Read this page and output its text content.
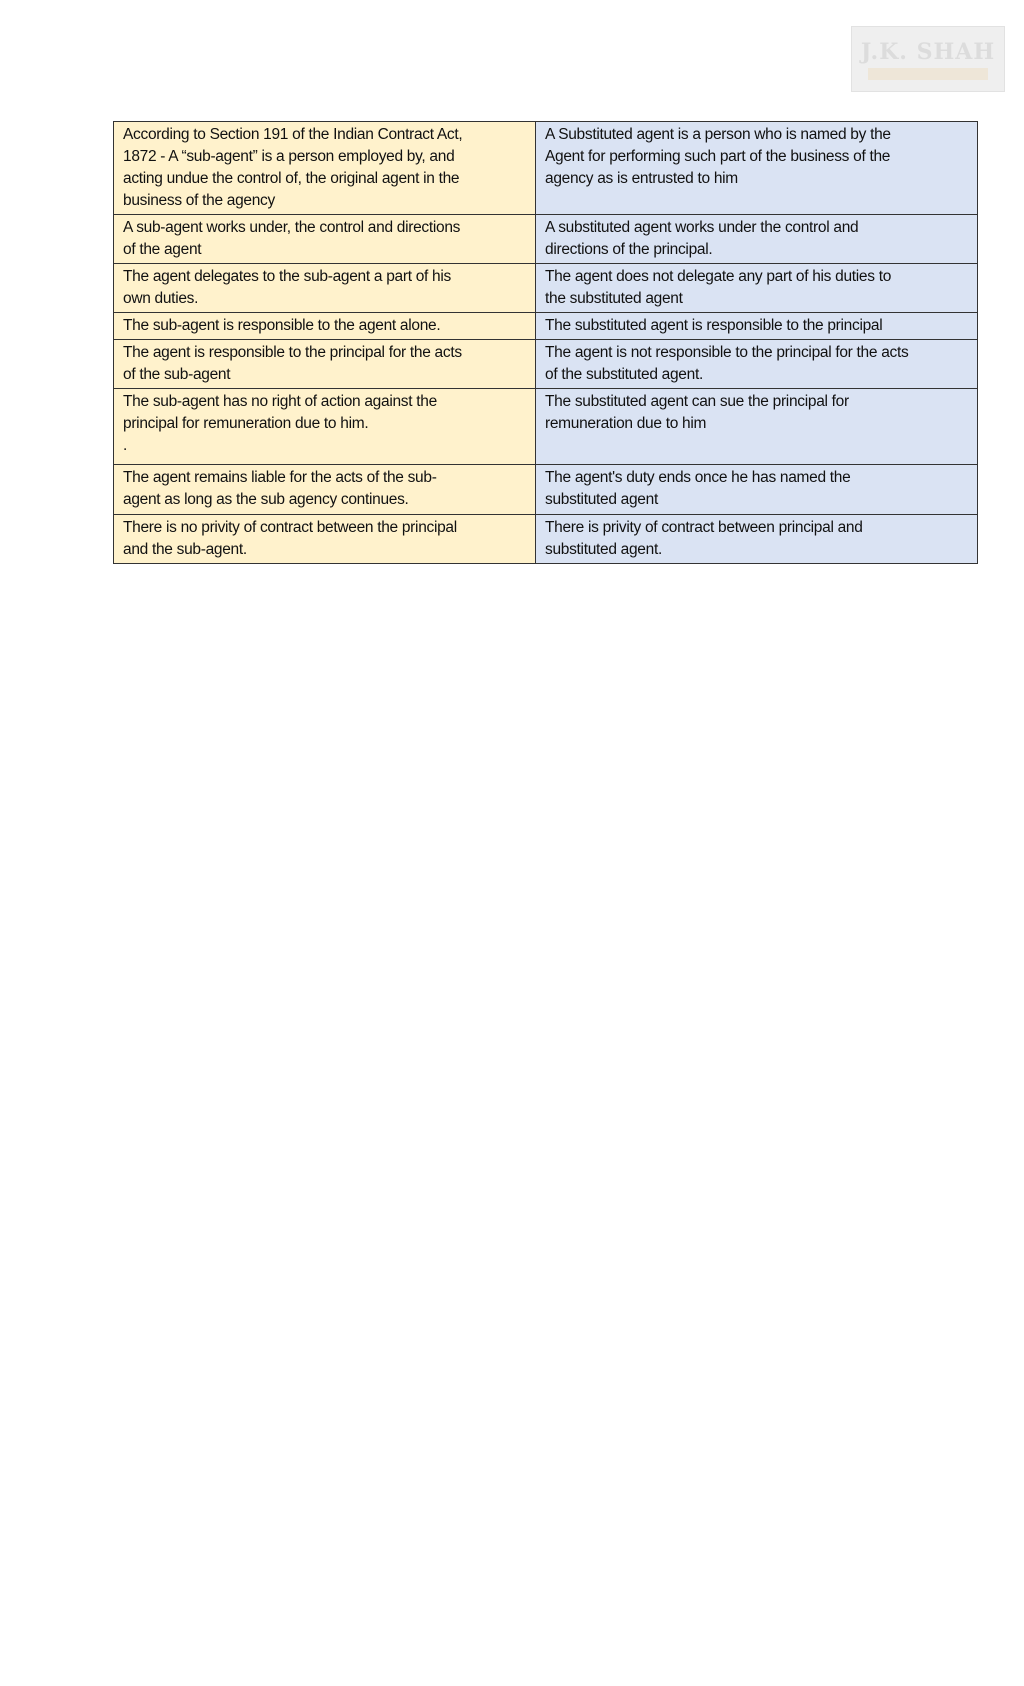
J.K. SHAH
According to Section 191 of the Indian Contract Act,
1872 - A “sub-agent” is a person employed by, and
acting undue the control of, the original agent in the
business of the agency	A Substituted agent is a person who is named by the
Agent for performing such part of the business of the
agency as is entrusted to him

A sub-agent works under, the control and directions
of the agent	A substituted agent works under the control and
directions of the principal.

The agent delegates to the sub-agent a part of his
own duties.	The agent does not delegate any part of his duties to
the substituted agent

The sub-agent is responsible to the agent alone.	The substituted agent is responsible to the principal

The agent is responsible to the principal for the acts
of the sub-agent	The agent is not responsible to the principal for the acts
of the substituted agent.

The sub-agent has no right of action against the
principal for remuneration due to him.
.	The substituted agent can sue the principal for
remuneration due to him

The agent remains liable for the acts of the sub-
agent as long as the sub agency continues.	The agent's duty ends once he has named the
substituted agent

There is no privity of contract between the principal
and the sub-agent.	There is privity of contract between principal and
substituted agent.
